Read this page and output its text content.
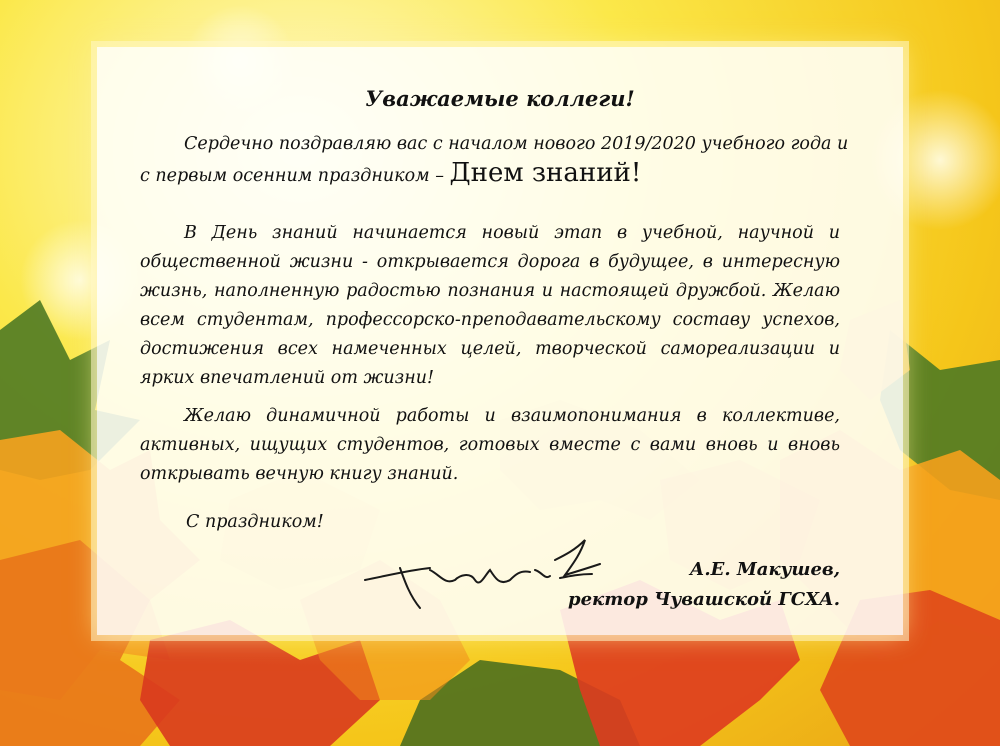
Уважаемые коллеги!
Сердечно поздравляю вас с началом нового 2019/2020 учебного года и с первым осенним праздником – Днем знаний!
В День знаний начинается новый этап в учебной, научной и общественной жизни - открывается дорога в будущее, в интересную жизнь, наполненную радостью познания и настоящей дружбой. Желаю всем студентам, профессорско-преподавательскому составу успехов, достижения всех намеченных целей, творческой самореализации и ярких впечатлений от жизни!
Желаю динамичной работы и взаимопонимания в коллективе, активных, ищущих студентов, готовых вместе с вами вновь и вновь открывать вечную книгу знаний.
С праздником!
А.Е. Макушев,
ректор Чувашской ГСХА.
